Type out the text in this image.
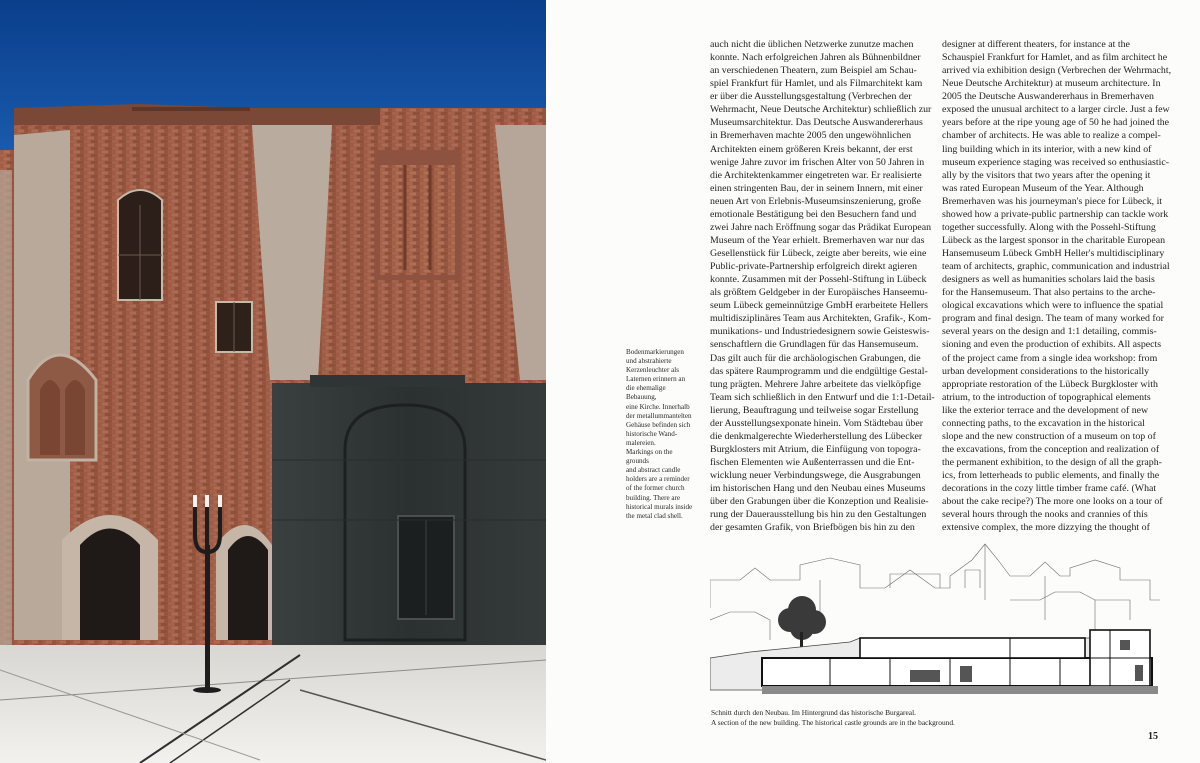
Bodenmarkierungen

und abstrahierte

Kerzenleuchter als

Laternen erinnern an

die ehemalige Bebauung,

eine Kirche. Innerhalb

der metallummantelten

Gehäuse befinden sich

historische Wand-

malereien.

Markings on the grounds

and abstract candle

holders are a reminder

of the former church

building. There are

historical murals inside

the metal clad shell.

auch nicht die üblichen Netzwerke zunutze machen

konnte. Nach erfolgreichen Jahren als Bühnenbildner

an verschiedenen Theatern, zum Beispiel am Schau-

spiel Frankfurt für Hamlet, und als Filmarchitekt kam

er über die Ausstellungsgestaltung (Verbrechen der

Wehrmacht, Neue Deutsche Architektur) schließlich zur

Museumsarchitektur. Das Deutsche Auswandererhaus

in Bremerhaven machte 2005 den ungewöhnlichen

Architekten einem größeren Kreis bekannt, der erst

wenige Jahre zuvor im frischen Alter von 50 Jahren in

die Architektenkammer eingetreten war. Er realisierte

einen stringenten Bau, der in seinem Innern, mit einer

neuen Art von Erlebnis-Museumsinszenierung, große

emotionale Bestätigung bei den Besuchern fand und

zwei Jahre nach Eröffnung sogar das Prädikat European

Museum of the Year erhielt. Bremerhaven war nur das

Gesellenstück für Lübeck, zeigte aber bereits, wie eine

Public-private-Partnership erfolgreich direkt agieren

konnte. Zusammen mit der Possehl-Stiftung in Lübeck

als größtem Geldgeber in der Europäisches Hanseemu-

seum Lübeck gemeinnützige GmbH erarbeitete Hellers

multidisziplinäres Team aus Architekten, Grafik-, Kom-

munikations- und Industriedesignern sowie Geisteswis-

senschaftlern die Grundlagen für das Hansemuseum.

Das gilt auch für die archäologischen Grabungen, die

das spätere Raumprogramm und die endgültige Gestal-

tung prägten. Mehrere Jahre arbeitete das vielköpfige

Team sich schließlich in den Entwurf und die 1:1-Detail-

lierung, Beauftragung und teilweise sogar Erstellung

der Ausstellungsexponate hinein. Vom Städtebau über

die denkmalgerechte Wiederherstellung des Lübecker

Burgklosters mit Atrium, die Einfügung von topogra-

fischen Elementen wie Außenterrassen und die Ent-

wicklung neuer Verbindungswege, die Ausgrabungen

im historischen Hang und den Neubau eines Museums

über den Grabungen über die Konzeption und Realisie-

rung der Dauerausstellung bis hin zu den Gestaltungen

der gesamten Grafik, von Briefbögen bis hin zu den

designer at different theaters, for instance at the

Schauspiel Frankfurt for Hamlet, and as film architect he

arrived via exhibition design (Verbrechen der Wehrmacht,

Neue Deutsche Architektur) at museum architecture. In

2005 the Deutsche Auswandererhaus in Bremerhaven

exposed the unusual architect to a larger circle. Just a few

years before at the ripe young age of 50 he had joined the

chamber of architects. He was able to realize a compel-

ling building which in its interior, with a new kind of

museum experience staging was received so enthusiastic-

ally by the visitors that two years after the opening it

was rated European Museum of the Year. Although

Bremerhaven was his journeyman's piece for Lübeck, it

showed how a private-public partnership can tackle work

together successfully. Along with the Possehl-Stiftung

Lübeck as the largest sponsor in the charitable European

Hansemuseum Lübeck GmbH Heller's multidisciplinary

team of architects, graphic, communication and industrial

designers as well as humanities scholars laid the basis

for the Hansemuseum. That also pertains to the arche-

ological excavations which were to influence the spatial

program and final design. The team of many worked for

several years on the design and 1:1 detailing, commis-

sioning and even the production of exhibits. All aspects

of the project came from a single idea workshop: from

urban development considerations to the historically

appropriate restoration of the Lübeck Burgkloster with

atrium, to the introduction of topographical elements

like the exterior terrace and the development of new

connecting paths, to the excavation in the historical

slope and the new construction of a museum on top of

the excavations, from the conception and realization of

the permanent exhibition, to the design of all the graph-

ics, from letterheads to public elements, and finally the

decorations in the cozy little timber frame café. (What

about the cake recipe?) The more one looks on a tour of

several hours through the nooks and crannies of this

extensive complex, the more dizzying the thought of

Schnitt durch den Neubau. Im Hintergrund das historische Burgareal.

A section of the new building. The historical castle grounds are in the background.

15
